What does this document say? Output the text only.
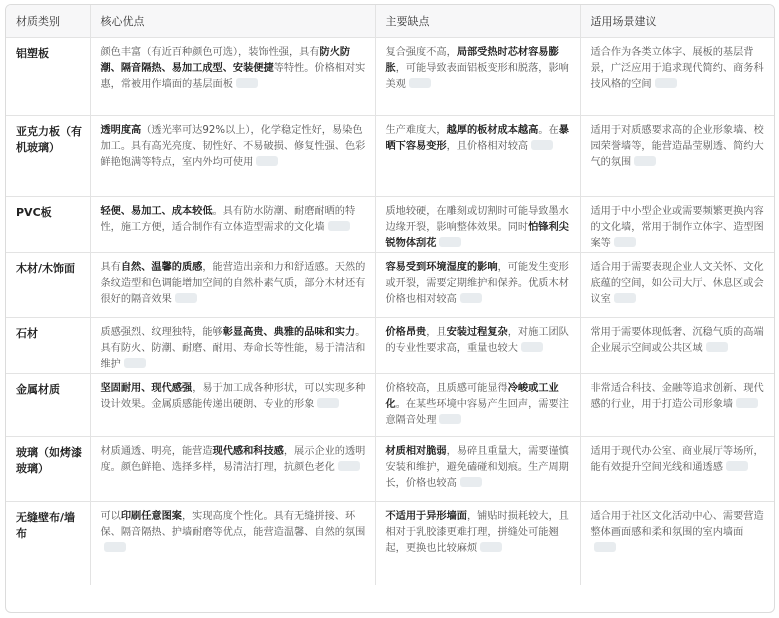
材质类别	核心优点	主要缺点	适用场景建议
铝塑板	颜色丰富（有近百种颜色可选），装饰性强，具有防火防潮、隔音隔热、易加工成型、安装便捷等特性。价格相对实惠，常被用作墙面的基层面板	复合强度不高，局部受热时芯材容易膨胀，可能导致表面铝板变形和脱落，影响美观	适合作为各类立体字、展板的基层背景，广泛应用于追求现代简约、商务科技风格的空间
亚克力板（有机玻璃）	透明度高（透光率可达92%以上），化学稳定性好，易染色加工。具有高光亮度、韧性好、不易破损、修复性强、色彩鲜艳饱满等特点，室内外均可使用	生产难度大，越厚的板材成本越高。在暴晒下容易变形，且价格相对较高	适用于对质感要求高的企业形象墙、校园荣誉墙等，能营造晶莹剔透、简约大气的氛围
PVC板	轻便、易加工、成本较低。具有防水防潮、耐磨耐晒的特性，施工方便，适合制作有立体造型需求的文化墙	质地较硬，在雕刻或切割时可能导致墨水边缘开裂，影响整体效果。同时怕锋利尖锐物体刮花	适用于中小型企业或需要频繁更换内容的文化墙，常用于制作立体字、造型图案等
木材/木饰面	具有自然、温馨的质感，能营造出亲和力和舒适感。天然的条纹造型和色调能增加空间的自然朴素气质，部分木材还有很好的隔音效果	容易受到环境湿度的影响，可能发生变形或开裂，需要定期维护和保养。优质木材价格也相对较高	适合用于需要表现企业人文关怀、文化底蕴的空间，如公司大厅、休息区或会议室
石材	质感强烈、纹理独特，能够彰显高贵、典雅的品味和实力。具有防火、防潮、耐磨、耐用、寿命长等性能，易于清洁和维护	价格昂贵，且安装过程复杂，对施工团队的专业性要求高，重量也较大	常用于需要体现低奢、沉稳气质的高端企业展示空间或公共区域
金属材质	坚固耐用、现代感强，易于加工成各种形状，可以实现多种设计效果。金属质感能传递出硬朗、专业的形象	价格较高，且质感可能显得冷峻或工业化。在某些环境中容易产生回声，需要注意隔音处理	非常适合科技、金融等追求创新、现代感的行业，用于打造公司形象墙
玻璃（如烤漆玻璃）	材质通透、明亮，能营造现代感和科技感，展示企业的透明度。颜色鲜艳、选择多样，易清洁打理，抗颜色老化	材质相对脆弱，易碎且重量大，需要谨慎安装和维护，避免磕碰和划痕。生产周期长，价格也较高	适用于现代办公室、商业展厅等场所，能有效提升空间光线和通透感
无缝壁布/墙布	可以印刷任意图案，实现高度个性化。具有无缝拼接、环保、隔音隔热、护墙耐磨等优点，能营造温馨、自然的氛围	不适用于异形墙面，铺贴时损耗较大，且相对于乳胶漆更难打理，拼缝处可能翘起，更换也比较麻烦	适合用于社区文化活动中心、需要营造整体画面感和柔和氛围的室内墙面
